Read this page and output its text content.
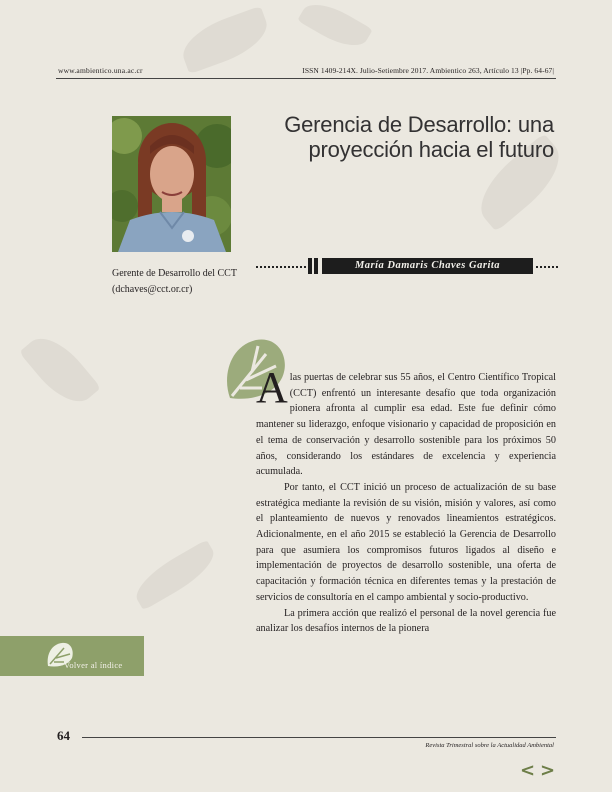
www.ambientico.una.ac.cr	ISSN 1409-214X. Julio-Setiembre 2017. Ambientico 263, Artículo 13 |Pp. 64-67|
Gerencia de Desarrollo: una
proyección hacia el futuro
María Damaris Chaves Garita
Gerente de Desarrollo del CCT (dchaves@cct.or.cr)

Alas puertas de celebrar sus 55 años, el Centro Científico Tropical (CCT) enfrentó un interesante desafío que toda organización pionera afronta al cumplir esa edad. Este fue definir cómo mantener su liderazgo, enfoque visionario y capacidad de proposición en el tema de conservación y desarrollo sostenible para los próximos 50 años, considerando los estándares de excelencia y experiencia acumulada.

Por tanto, el CCT inició un proceso de actualización de su base estratégica mediante la revisión de su visión, misión y valores, así como el planteamiento de nuevos y renovados lineamientos estratégicos. Adicionalmente, en el año 2015 se estableció la Gerencia de Desarrollo para que asumiera los compromisos futuros ligados al diseño e implementación de proyectos de desarrollo sostenible, una oferta de capacitación y formación técnica en diferentes temas y la prestación de servicios de consultoría en el campo ambiental y socio-productivo.

La primera acción que realizó el personal de la novel gerencia fue analizar los desafíos internos de la pionera

Volver al índice
64
Revista Trimestral sobre la Actualidad Ambiental
< >
